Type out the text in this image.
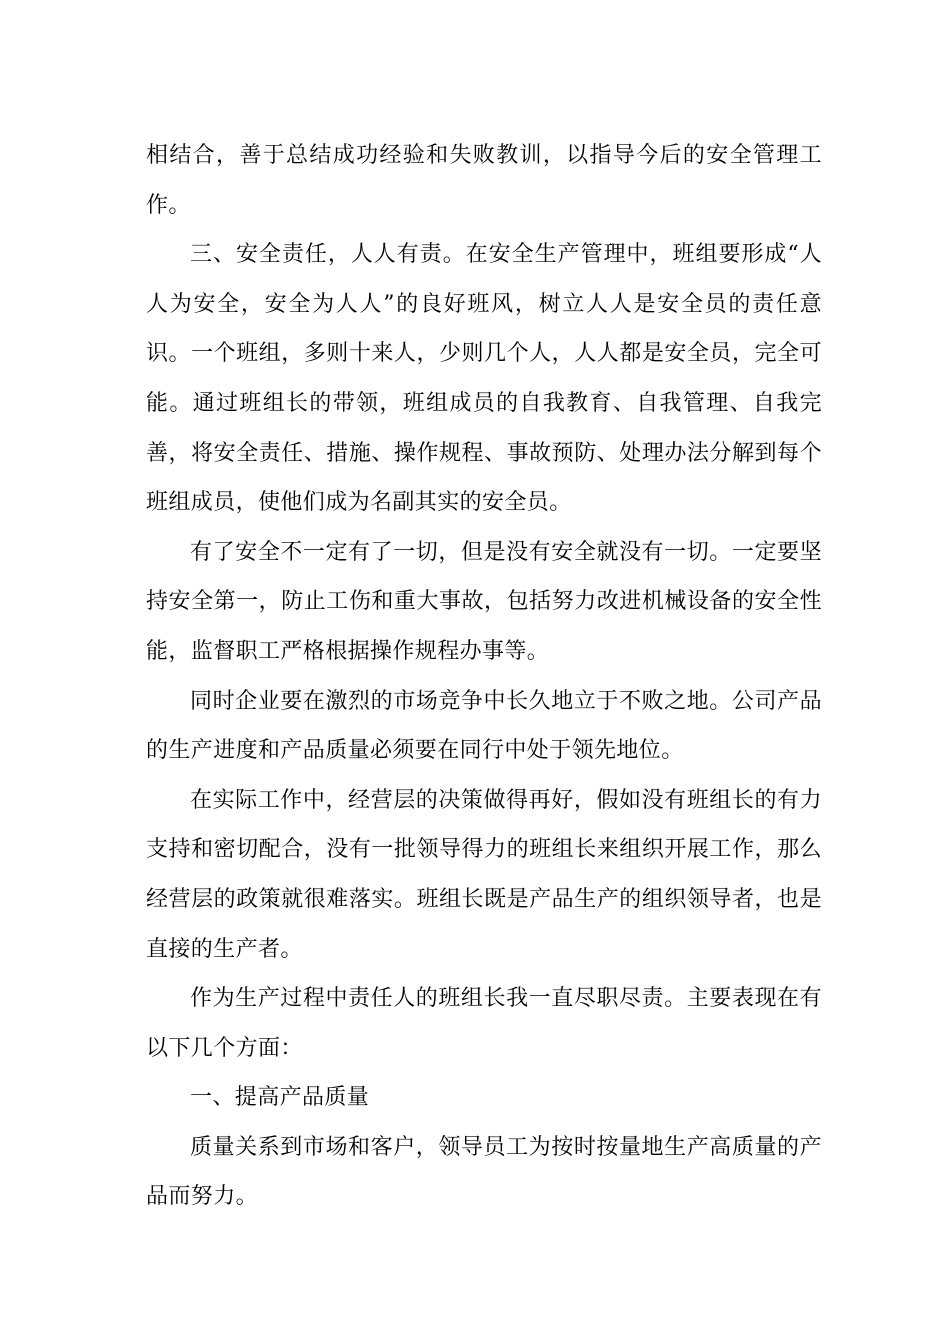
相结合，善于总结成功经验和失败教训，以指导今后的安全管理工作。

三、安全责任，人人有责。在安全生产管理中，班组要形成“人人为安全，安全为人人”的良好班风，树立人人是安全员的责任意识。一个班组，多则十来人，少则几个人，人人都是安全员，完全可能。通过班组长的带领，班组成员的自我教育、自我管理、自我完善，将安全责任、措施、操作规程、事故预防、处理办法分解到每个班组成员，使他们成为名副其实的安全员。

有了安全不一定有了一切，但是没有安全就没有一切。一定要坚持安全第一，防止工伤和重大事故，包括努力改进机械设备的安全性能，监督职工严格根据操作规程办事等。

同时企业要在激烈的市场竞争中长久地立于不败之地。公司产品的生产进度和产品质量必须要在同行中处于领先地位。

在实际工作中，经营层的决策做得再好，假如没有班组长的有力支持和密切配合，没有一批领导得力的班组长来组织开展工作，那么经营层的政策就很难落实。班组长既是产品生产的组织领导者，也是直接的生产者。

作为生产过程中责任人的班组长我一直尽职尽责。主要表现在有以下几个方面：

一、提高产品质量

质量关系到市场和客户，领导员工为按时按量地生产高质量的产品而努力。
